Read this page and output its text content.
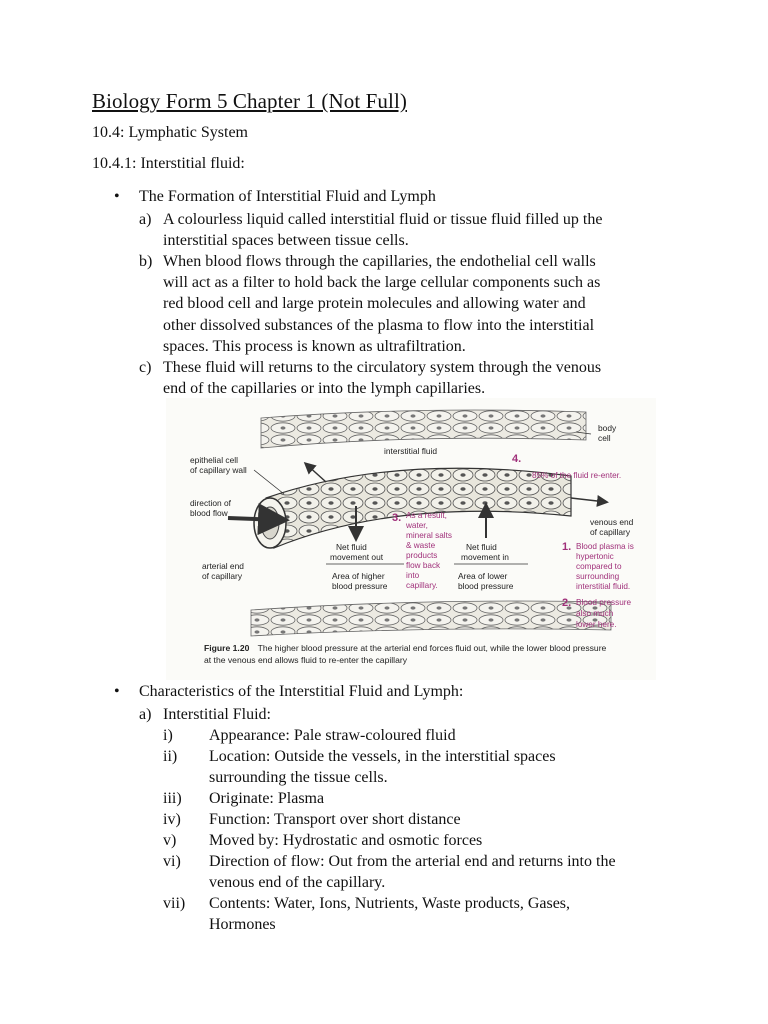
Biology Form 5 Chapter 1 (Not Full)
10.4: Lymphatic System
10.4.1: Interstitial fluid:
• The Formation of Interstitial Fluid and Lymph
a) A colourless liquid called interstitial fluid or tissue fluid filled up the
interstitial spaces between tissue cells.
b) When blood flows through the capillaries, the endothelial cell walls
will act as a filter to hold back the large cellular components such as
red blood cell and large protein molecules and allowing water and
other dissolved substances of the plasma to flow into the interstitial
spaces. This process is known as ultrafiltration.
c) These fluid will returns to the circulatory system through the venous
end of the capillaries or into the lymph capillaries.
body
cell
epithelial cell
of capillary wall
interstitial fluid
direction of
blood flow
arterial end
of capillary
Net fluid
movement out
Area of higher
blood pressure
Net fluid
movement in
Area of lower
blood pressure
venous end
of capillary
4.
85% of the fluid re-enter.
3. As a result,
water,
mineral salts
& waste
products
flow back
into
capillary.
1. Blood plasma is
hypertonic
compared to
surrounding
interstitial fluid.
2. Blood pressure
also much
lower here.
Figure 1.20 The higher blood pressure at the arterial end forces fluid out, while the lower blood pressure
at the venous end allows fluid to re-enter the capillary
• Characteristics of the Interstitial Fluid and Lymph:
a) Interstitial Fluid:
i) Appearance: Pale straw-coloured fluid
ii) Location: Outside the vessels, in the interstitial spaces
surrounding the tissue cells.
iii) Originate: Plasma
iv) Function: Transport over short distance
v) Moved by: Hydrostatic and osmotic forces
vi) Direction of flow: Out from the arterial end and returns into the
venous end of the capillary.
vii) Contents: Water, Ions, Nutrients, Waste products, Gases,
Hormones
